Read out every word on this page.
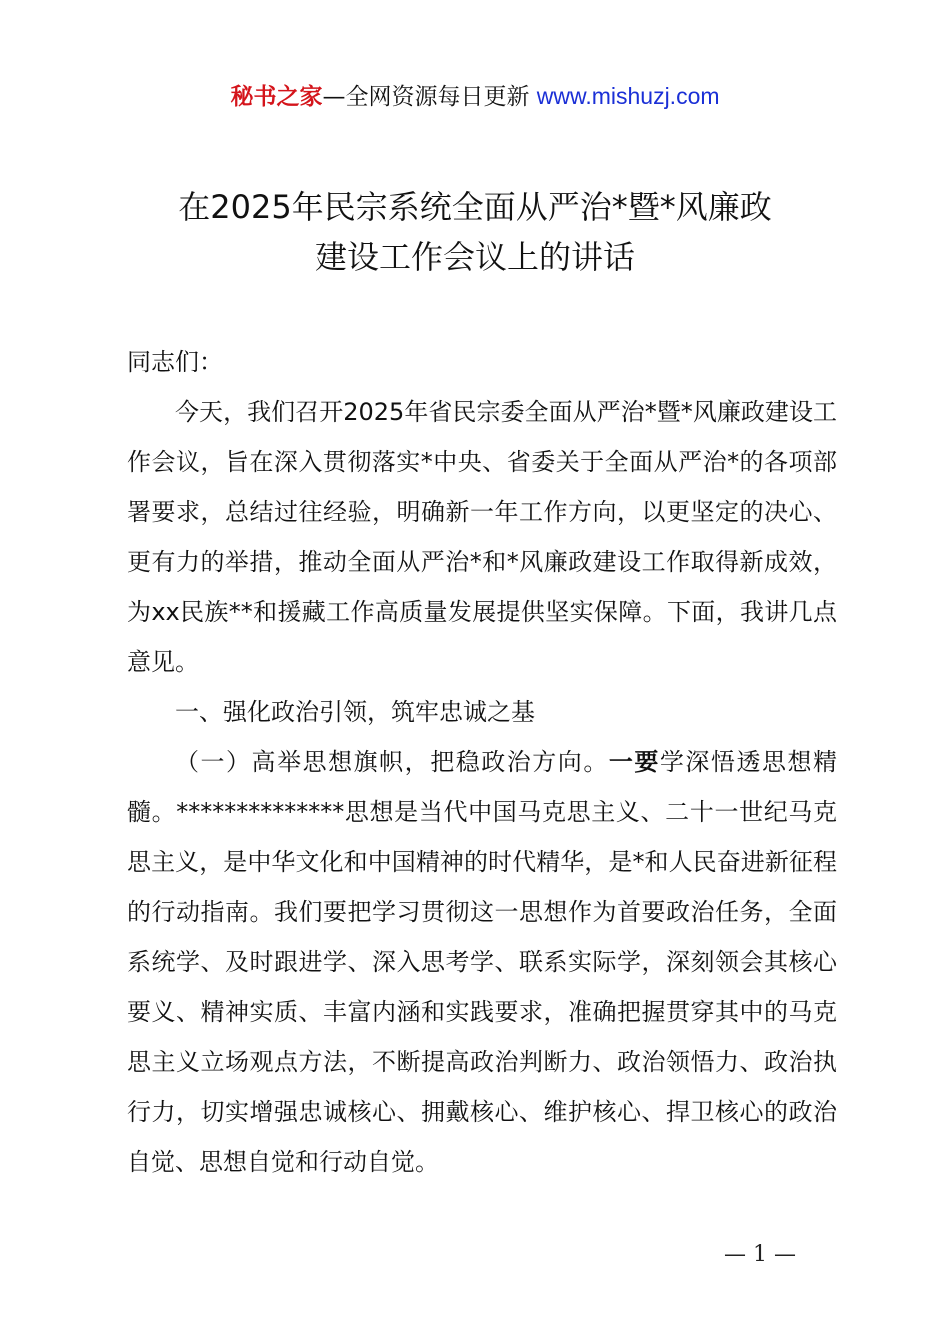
秘书之家—全网资源每日更新 www.mishuzj.com
在2025年民宗系统全面从严治*暨*风廉政
建设工作会议上的讲话

同志们：

今天，我们召开2025年省民宗委全面从严治*暨*风廉政建设工作会议，旨在深入贯彻落实*中央、省委关于全面从严治*的各项部署要求，总结过往经验，明确新一年工作方向，以更坚定的决心、更有力的举措，推动全面从严治*和*风廉政建设工作取得新成效，为xx民族**和援藏工作高质量发展提供坚实保障。下面，我讲几点意见。

一、强化政治引领，筑牢忠诚之基

（一）高举思想旗帜，把稳政治方向。一要学深悟透思想精髓。**************思想是当代中国马克思主义、二十一世纪马克思主义，是中华文化和中国精神的时代精华，是*和人民奋进新征程的行动指南。我们要把学习贯彻这一思想作为首要政治任务，全面系统学、及时跟进学、深入思考学、联系实际学，深刻领会其核心要义、精神实质、丰富内涵和实践要求，准确把握贯穿其中的马克思主义立场观点方法，不断提高政治判断力、政治领悟力、政治执行力，切实增强忠诚核心、拥戴核心、维护核心、捍卫核心的政治自觉、思想自觉和行动自觉。

— 1 —
